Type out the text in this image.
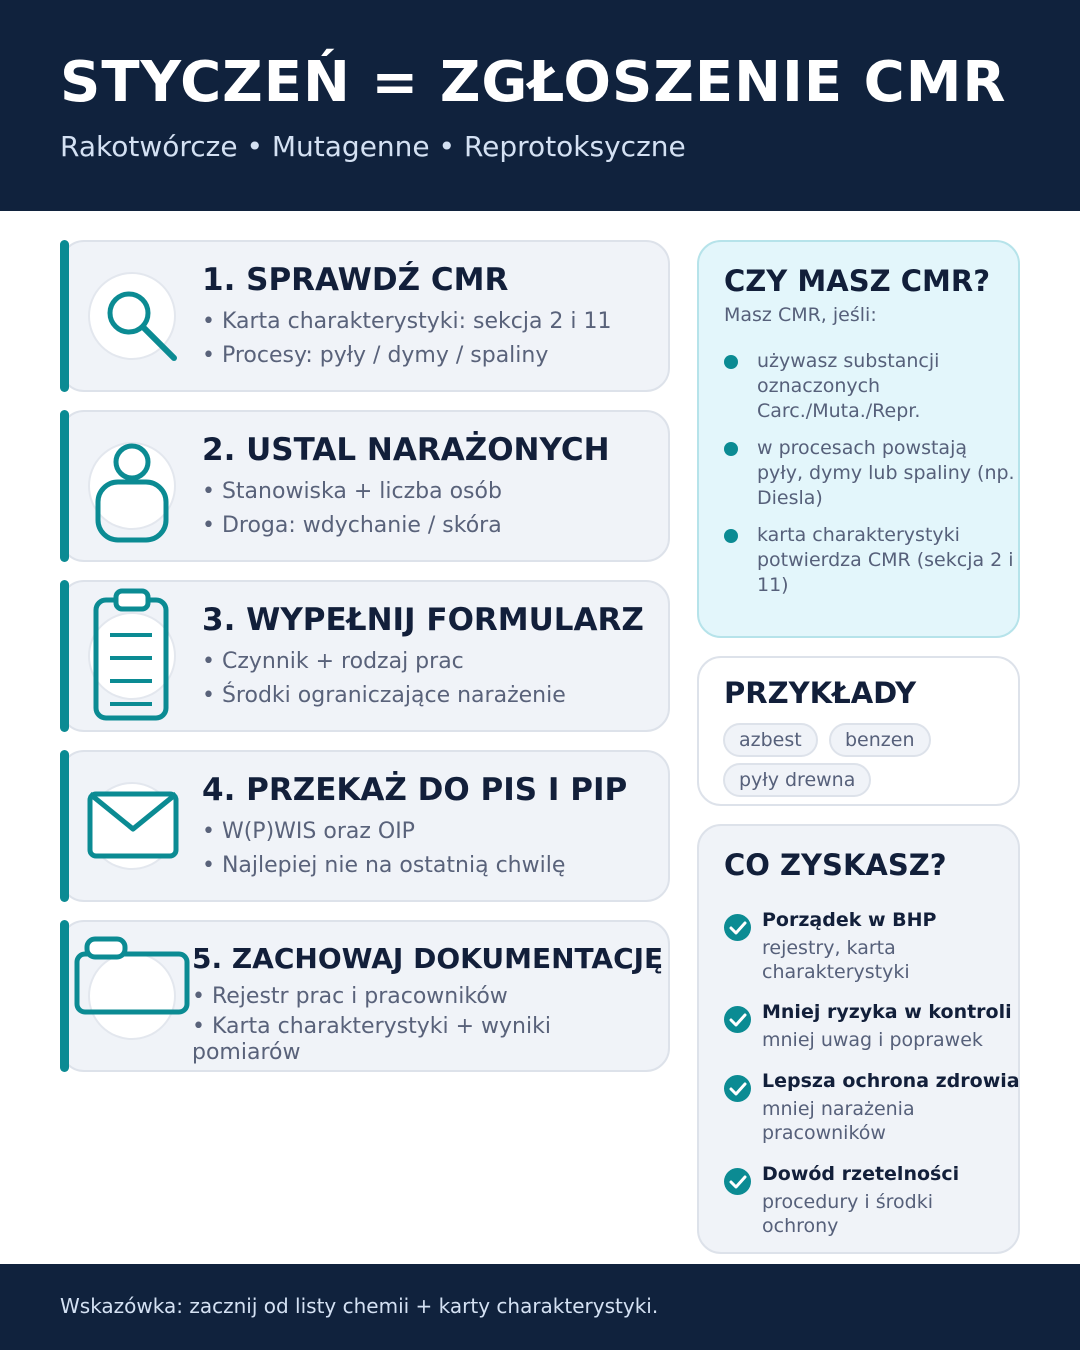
STYCZEŃ = ZGŁOSZENIE CMR
Rakotwórcze • Mutagenne • Reprotoksyczne
1. SPRAWDŹ CMR
• Karta charakterystyki: sekcja 2 i 11
• Procesy: pyły / dymy / spaliny
2. USTAL NARAŻONYCH
• Stanowiska + liczba osób
• Droga: wdychanie / skóra
3. WYPEŁNIJ FORMULARZ
• Czynnik + rodzaj prac
• Środki ograniczające narażenie
4. PRZEKAŻ DO PIS I PIP
• W(P)WIS oraz OIP
• Najlepiej nie na ostatnią chwilę
5. ZACHOWAJ DOKUMENTACJĘ
• Rejestr prac i pracowników
• Karta charakterystyki + wyniki pomiarów
CZY MASZ CMR?
Masz CMR, jeśli:
używasz substancji oznaczonych Carc./Muta./Repr.
w procesach powstają pyły, dymy lub spaliny (np. Diesla)
karta charakterystyki potwierdza CMR (sekcja 2 i 11)
PRZYKŁADY
azbest	benzen
pyły drewna
CO ZYSKASZ?
Porządek w BHP
rejestry, karta charakterystyki
Mniej ryzyka w kontroli
mniej uwag i poprawek
Lepsza ochrona zdrowia
mniej narażenia pracowników
Dowód rzetelności
procedury i środki ochrony
Wskazówka: zacznij od listy chemii + karty charakterystyki.
